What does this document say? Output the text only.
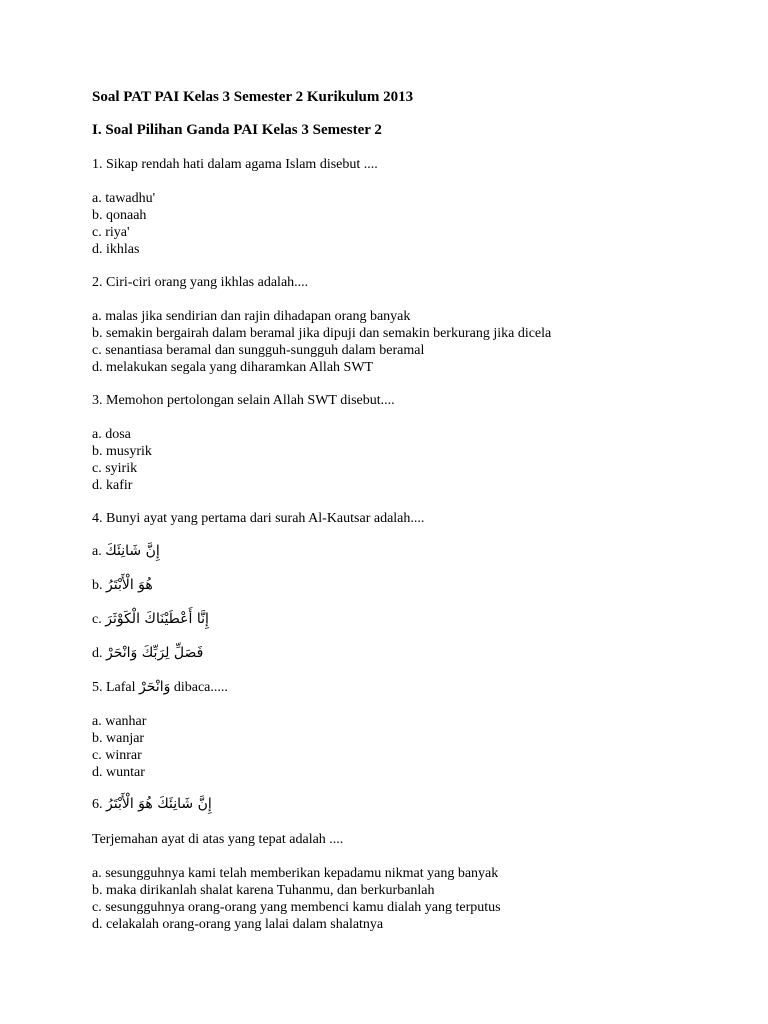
Soal PAT PAI Kelas 3 Semester 2 Kurikulum 2013
I. Soal Pilihan Ganda PAI Kelas 3 Semester 2
1. Sikap rendah hati dalam agama Islam disebut ....
a. tawadhu'
b. qonaah
c. riya'
d. ikhlas
2. Ciri-ciri orang yang ikhlas adalah....
a. malas jika sendirian dan rajin dihadapan orang banyak
b. semakin bergairah dalam beramal jika dipuji dan semakin berkurang jika dicela
c. senantiasa beramal dan sungguh-sungguh dalam beramal
d. melakukan segala yang diharamkan Allah SWT
3. Memohon pertolongan selain Allah SWT disebut....
a. dosa
b. musyrik
c. syirik
d. kafir
4. Bunyi ayat yang pertama dari surah Al-Kautsar adalah....
a. إِنَّ شَانِئَكَ
b. هُوَ الْأَبْتَرُ
c. إِنَّا أَعْطَيْنَاكَ الْكَوْثَرَ
d. فَصَلِّ لِرَبِّكَ وَانْحَرْ
5. Lafal وَانْحَرْ dibaca.....
a. wanhar
b. wanjar
c. winrar
d. wuntar
6. إِنَّ شَانِئَكَ هُوَ الْأَبْتَرُ
Terjemahan ayat di atas yang tepat adalah ....
a. sesungguhnya kami telah memberikan kepadamu nikmat yang banyak
b. maka dirikanlah shalat karena Tuhanmu, dan berkurbanlah
c. sesungguhnya orang-orang yang membenci kamu dialah yang terputus
d. celakalah orang-orang yang lalai dalam shalatnya
